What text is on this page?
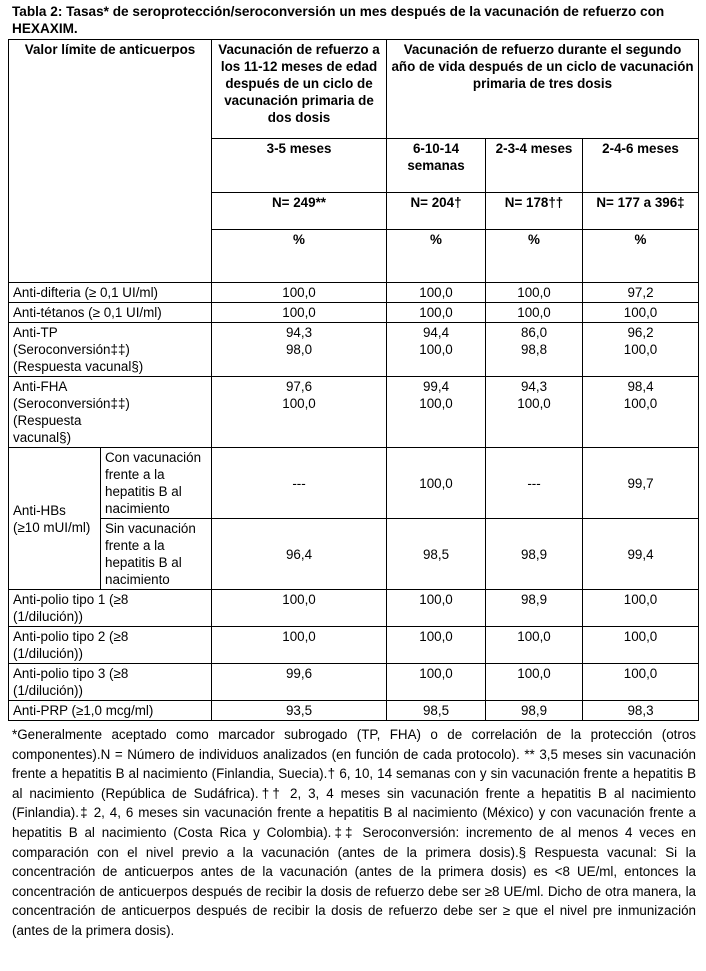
Tabla 2: Tasas* de seroprotección/seroconversión un mes después de la vacunación de refuerzo con HEXAXIM.
Valor límite de anticuerpos		Vacunación de refuerzo a los 11-12 meses de edad después de un ciclo de vacunación primaria de dos dosis	Vacunación de refuerzo durante el segundo año de vida después de un ciclo de vacunación primaria de tres dosis		
		3-5 meses	6-10-14 semanas	2-3-4 meses	2-4-6 meses
		N= 249**	N= 204†	N= 178††	N= 177 a 396‡
		%	%	%	%
Anti-difteria (≥ 0,1 UI/ml)		100,0	100,0	100,0	97,2
Anti-tétanos (≥ 0,1 UI/ml)		100,0	100,0	100,0	100,0
Anti-TP (Seroconversión‡‡) (Respuesta vacunal§)		94,3 98,0	94,4 100,0	86,0 98,8	96,2 100,0
Anti-FHA (Seroconversión‡‡) (Respuesta vacunal§)		97,6 100,0	99,4 100,0	94,3 100,0	98,4 100,0
Anti-HBs (≥10 mUI/ml)	Con vacunación frente a la hepatitis B al nacimiento	---	100,0	---	99,7
	Sin vacunación frente a la hepatitis B al nacimiento	96,4	98,5	98,9	99,4
Anti-polio tipo 1 (≥8 (1/dilución))		100,0	100,0	98,9	100,0
Anti-polio tipo 2 (≥8 (1/dilución))		100,0	100,0	100,0	100,0
Anti-polio tipo 3 (≥8 (1/dilución))		99,6	100,0	100,0	100,0
Anti-PRP (≥1,0 mcg/ml)		93,5	98,5	98,9	98,3
*Generalmente aceptado como marcador subrogado (TP, FHA) o de correlación de la protección (otros componentes).N = Número de individuos analizados (en función de cada protocolo). ** 3,5 meses sin vacunación frente a hepatitis B al nacimiento (Finlandia, Suecia).† 6, 10, 14 semanas con y sin vacunación frente a hepatitis B al nacimiento (República de Sudáfrica).†† 2, 3, 4 meses sin vacunación frente a hepatitis B al nacimiento (Finlandia).‡ 2, 4, 6 meses sin vacunación frente a hepatitis B al nacimiento (México) y con vacunación frente a hepatitis B al nacimiento (Costa Rica y Colombia).‡‡ Seroconversión: incremento de al menos 4 veces en comparación con el nivel previo a la vacunación (antes de la primera dosis).§ Respuesta vacunal: Si la concentración de anticuerpos antes de la vacunación (antes de la primera dosis) es <8 UE/ml, entonces la concentración de anticuerpos después de recibir la dosis de refuerzo debe ser ≥8 UE/ml. Dicho de otra manera, la concentración de anticuerpos después de recibir la dosis de refuerzo debe ser ≥ que el nivel pre inmunización (antes de la primera dosis).
